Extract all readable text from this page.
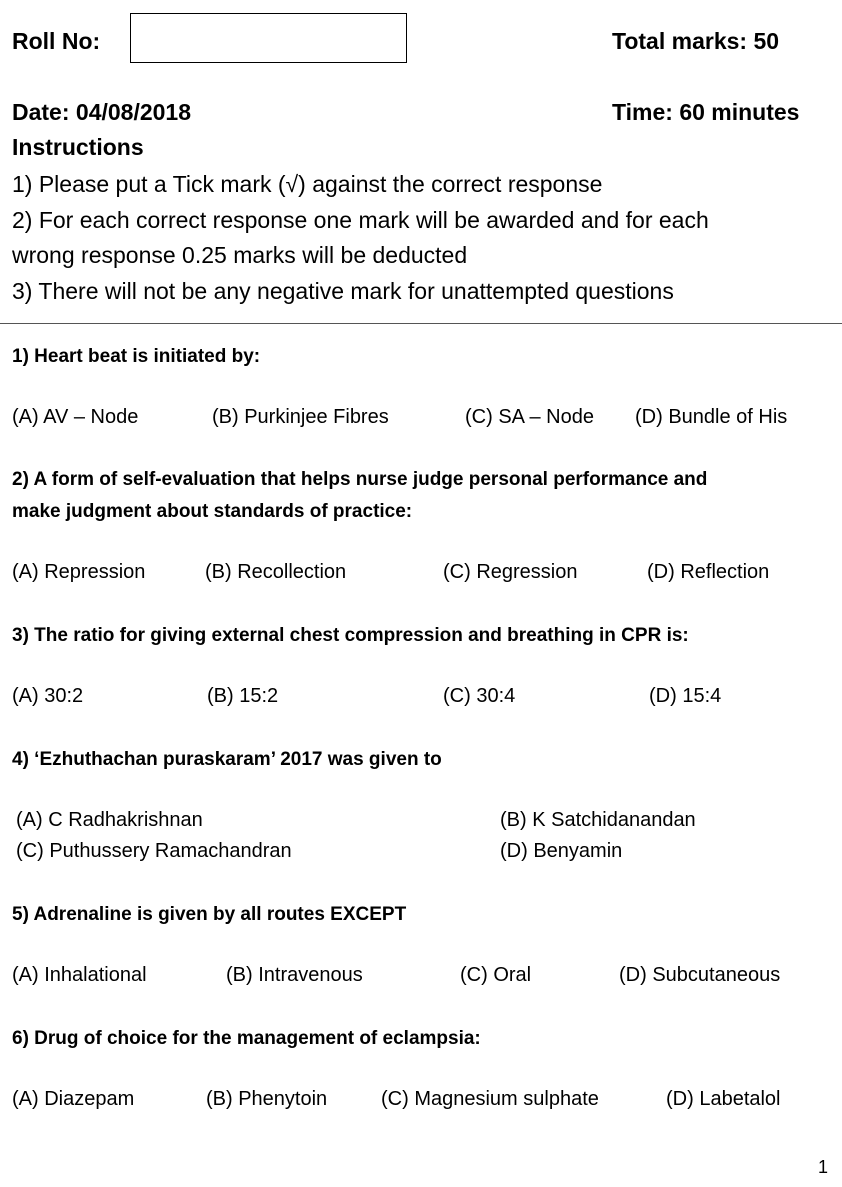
Roll No:	Total marks: 50
Date: 04/08/2018	Time: 60 minutes
Instructions
1) Please put a Tick mark (√) against the correct response
2) For each correct response one mark will be awarded and for each
wrong response 0.25 marks will be deducted
3) There will not be any negative mark for unattempted questions
1) Heart beat is initiated by:
(A) AV – Node	(B) Purkinjee Fibres	(C) SA – Node (D) Bundle of His
2) A form of self-evaluation that helps nurse judge personal performance and
make judgment about standards of practice:
(A) Repression	(B) Recollection	(C) Regression	(D) Reflection
3) The ratio for giving external chest compression and breathing in CPR is:
(A) 30:2	(B) 15:2	(C) 30:4	(D) 15:4
4) ‘Ezhuthachan puraskaram’ 2017 was given to
(A) C Radhakrishnan	(B) K Satchidanandan
(C) Puthussery Ramachandran	(D) Benyamin
5) Adrenaline is given by all routes EXCEPT
(A) Inhalational	(B) Intravenous	(C) Oral	(D) Subcutaneous
6) Drug of choice for the management of eclampsia:
(A) Diazepam	(B) Phenytoin	(C) Magnesium sulphate	(D) Labetalol
1
